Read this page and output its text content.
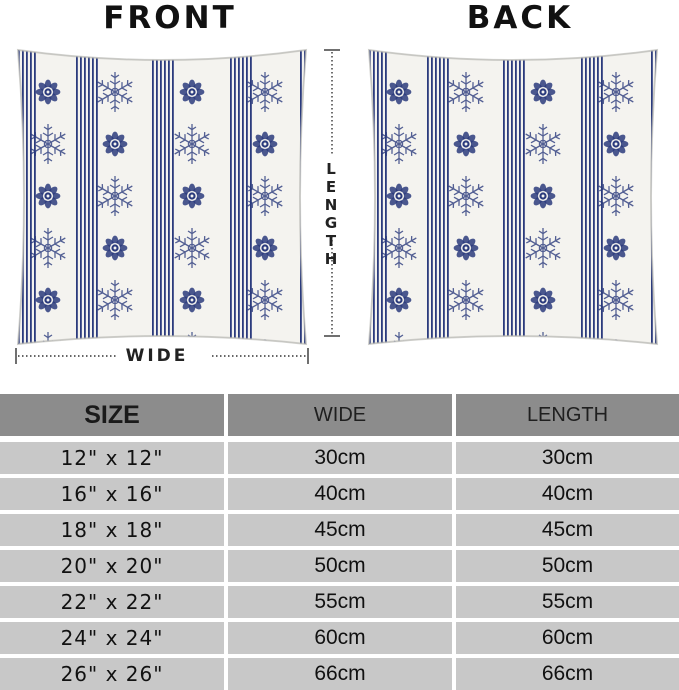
FRONT	BACK
WIDE
LENGTH
SIZE	WIDE	LENGTH
12" x 12"	30cm	30cm
16" x 16"	40cm	40cm
18" x 18"	45cm	45cm
20" x 20"	50cm	50cm
22" x 22"	55cm	55cm
24" x 24"	60cm	60cm
26" x 26"	66cm	66cm
